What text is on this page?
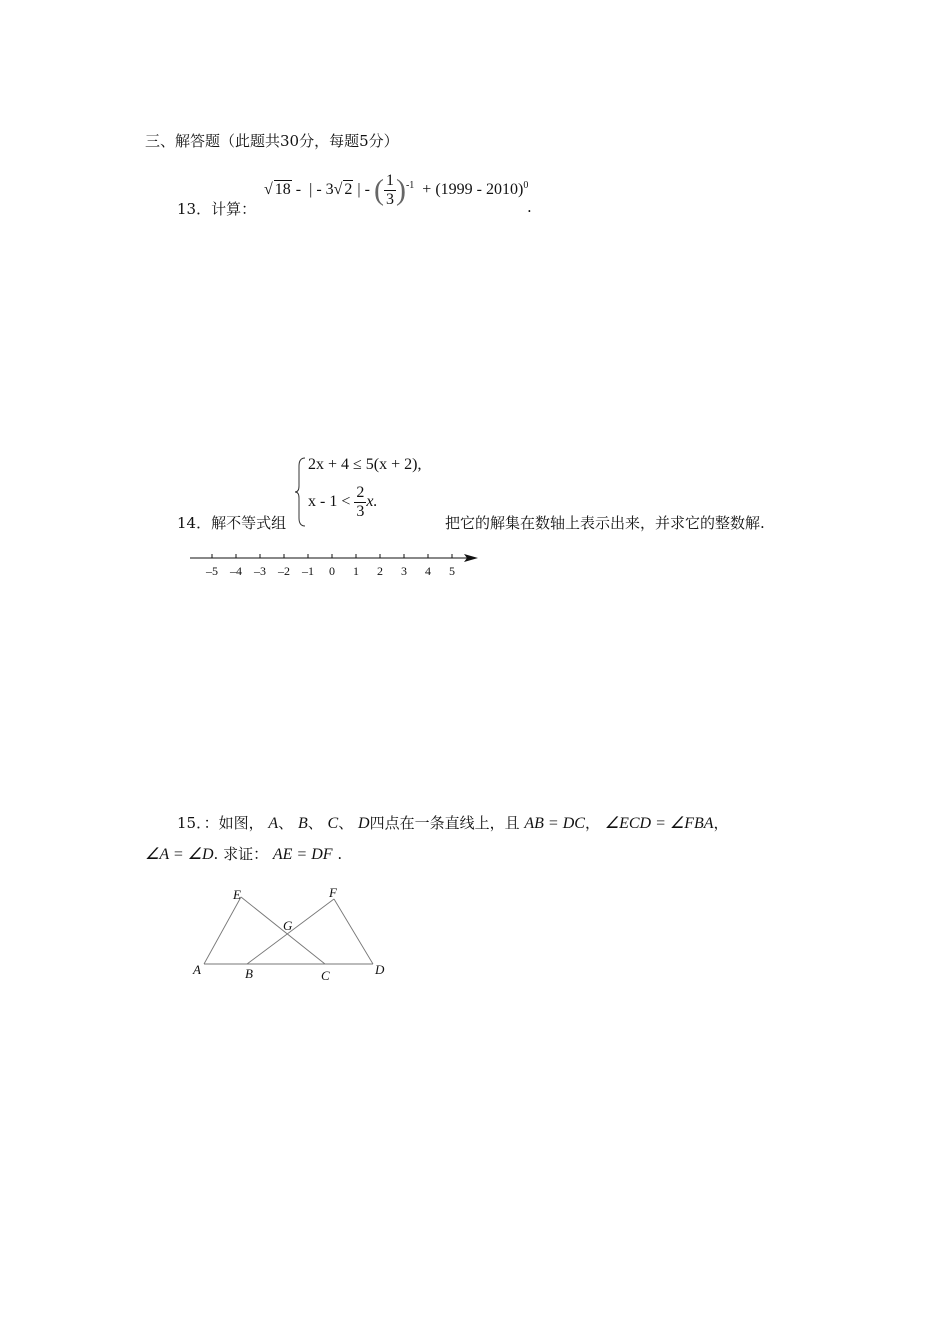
三、解答题（此题共30分，每题5分）
√ 18 - | - 3√ 2 | - ( $\frac{1}{3} )^{-1} + (1999 - 2010)^0$
13．计算：	.
2x + 4 ≤ 5(x + 2),
$x - 1 < \frac{2}{3} x$.
14．解不等式组	把它的解集在数轴上表示出来，并求它的整数解.
–5 –4 –3 –2 –1 0 1 2 3 4 5
15．：如图， A、 B、 C、 D四点在一条直线上，且 AB = DC， ∠ECD = ∠FBA，
∠A = ∠D. 求证： AE = DF .
A	B	C	D
E	F
G
